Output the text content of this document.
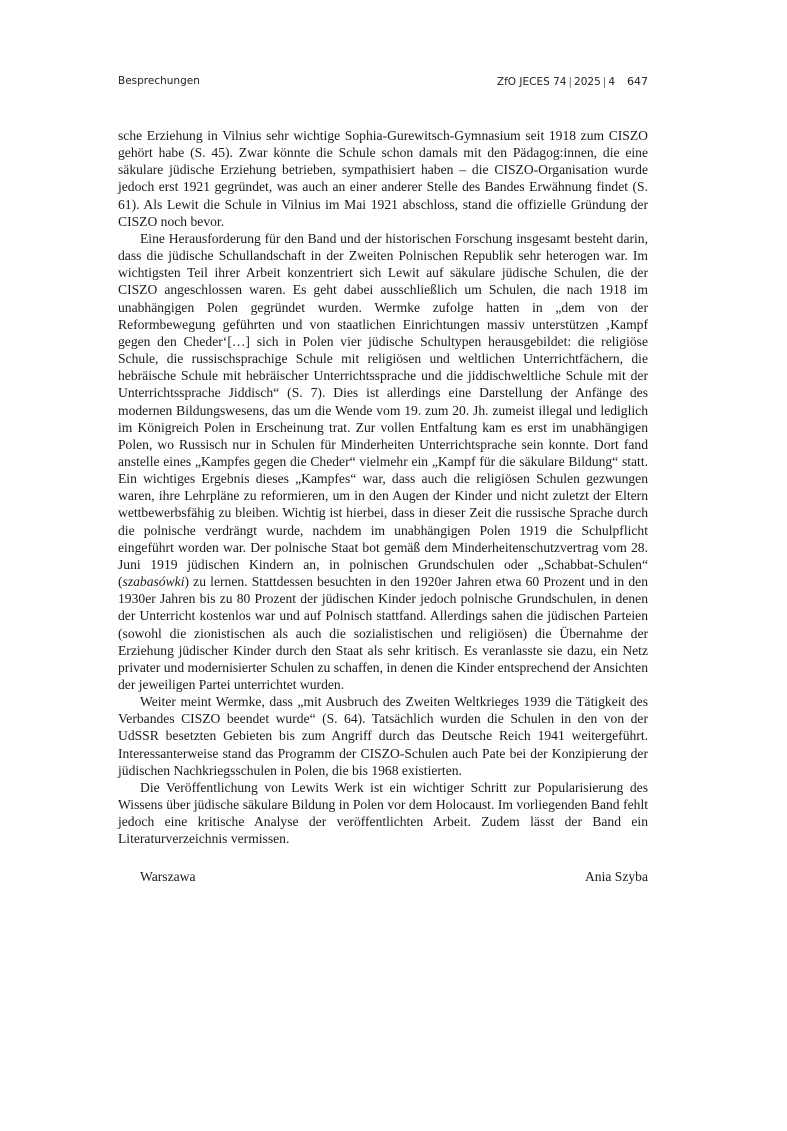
Besprechungen	ZfO JECES 74 | 2025 | 4 647

sche Erziehung in Vilnius sehr wichtige Sophia-Gurewitsch-Gymnasium seit 1918 zum CISZO gehört habe (S. 45). Zwar könnte die Schule schon damals mit den Pädagog:innen, die eine säkulare jüdische Erziehung betrieben, sympathisiert haben – die CISZO-Organisation wurde jedoch erst 1921 gegründet, was auch an einer anderer Stelle des Bandes Erwähnung findet (S. 61). Als Lewit die Schule in Vilnius im Mai 1921 abschloss, stand die offizielle Gründung der CISZO noch bevor.

Eine Herausforderung für den Band und der historischen Forschung insgesamt besteht darin, dass die jüdische Schullandschaft in der Zweiten Polnischen Republik sehr heterogen war. Im wichtigsten Teil ihrer Arbeit konzentriert sich Lewit auf säkulare jüdische Schulen, die der CISZO angeschlossen waren. Es geht dabei ausschließlich um Schulen, die nach 1918 im unabhängigen Polen gegründet wurden. Wermke zufolge hatten in „dem von der Reformbewegung geführten und von staatlichen Einrichtungen massiv unterstützen ‚Kampf gegen den Cheder‘[…] sich in Polen vier jüdische Schultypen herausgebildet: die religiöse Schule, die russischsprachige Schule mit religiösen und weltlichen Unterrichtfächern, die hebräische Schule mit hebräischer Unterrichtssprache und die jiddischweltliche Schule mit der Unterrichtssprache Jiddisch“ (S. 7). Dies ist allerdings eine Darstellung der Anfänge des modernen Bildungswesens, das um die Wende vom 19. zum 20. Jh. zumeist illegal und lediglich im Königreich Polen in Erscheinung trat. Zur vollen Entfaltung kam es erst im unabhängigen Polen, wo Russisch nur in Schulen für Minderheiten Unterrichtsprache sein konnte. Dort fand anstelle eines „Kampfes gegen die Cheder“ vielmehr ein „Kampf für die säkulare Bildung“ statt. Ein wichtiges Ergebnis dieses „Kampfes“ war, dass auch die religiösen Schulen gezwungen waren, ihre Lehrpläne zu reformieren, um in den Augen der Kinder und nicht zuletzt der Eltern wettbewerbsfähig zu bleiben. Wichtig ist hierbei, dass in dieser Zeit die russische Sprache durch die polnische verdrängt wurde, nachdem im unabhängigen Polen 1919 die Schulpflicht eingeführt worden war. Der polnische Staat bot gemäß dem Minderheitenschutzvertrag vom 28. Juni 1919 jüdischen Kindern an, in polnischen Grundschulen oder „Schabbat-Schulen“ (szabasówki) zu lernen. Stattdessen besuchten in den 1920er Jahren etwa 60 Prozent und in den 1930er Jahren bis zu 80 Prozent der jüdischen Kinder jedoch polnische Grundschulen, in denen der Unterricht kostenlos war und auf Polnisch stattfand. Allerdings sahen die jüdischen Parteien (sowohl die zionistischen als auch die sozialistischen und religiösen) die Übernahme der Erziehung jüdischer Kinder durch den Staat als sehr kritisch. Es veranlasste sie dazu, ein Netz privater und modernisierter Schulen zu schaffen, in denen die Kinder entsprechend der Ansichten der jeweiligen Partei unterrichtet wurden.

Weiter meint Wermke, dass „mit Ausbruch des Zweiten Weltkrieges 1939 die Tätigkeit des Verbandes CISZO beendet wurde“ (S. 64). Tatsächlich wurden die Schulen in den von der UdSSR besetzten Gebieten bis zum Angriff durch das Deutsche Reich 1941 weitergeführt. Interessanterweise stand das Programm der CISZO-Schulen auch Pate bei der Konzipierung der jüdischen Nachkriegsschulen in Polen, die bis 1968 existierten.

Die Veröffentlichung von Lewits Werk ist ein wichtiger Schritt zur Popularisierung des Wissens über jüdische säkulare Bildung in Polen vor dem Holocaust. Im vorliegenden Band fehlt jedoch eine kritische Analyse der veröffentlichten Arbeit. Zudem lässt der Band ein Literaturverzeichnis vermissen.

Warszawa	Ania Szyba
